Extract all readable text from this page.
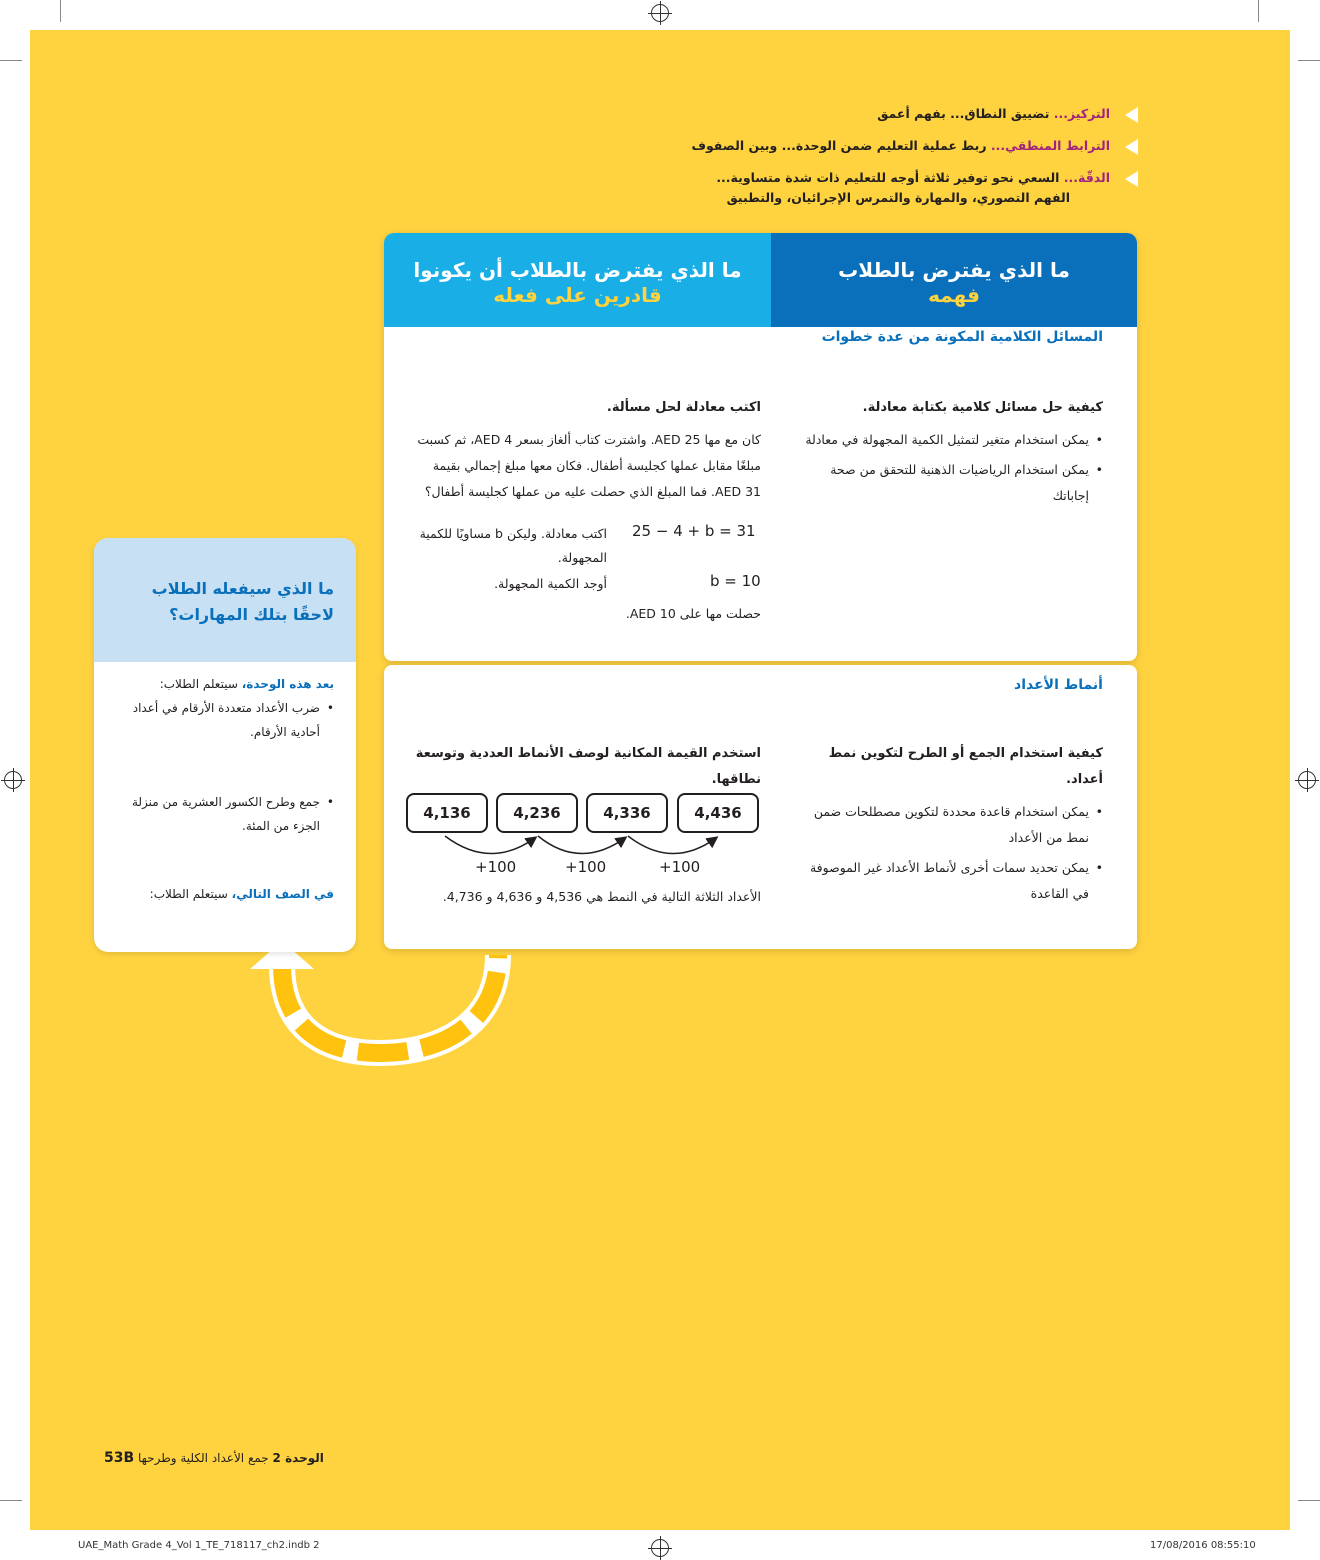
التركيز... تضييق النطاق... بفهم أعمق
الترابط المنطقي... ربط عملية التعليم ضمن الوحدة... وبين الصفوف
الدقّة... السعي نحو توفير ثلاثة أوجه للتعليم ذات شدة متساوية...
الفهم التصوري، والمهارة والتمرس الإجرائيان، والتطبيق
ما الذي يفترض بالطلاب
فهمه
ما الذي يفترض بالطلاب أن يكونوا
قادرين على فعله
المسائل الكلامية المكونة من عدة خطوات
كيفية حل مسائل كلامية بكتابة معادلة.
• يمكن استخدام متغير لتمثيل الكمية المجهولة في معادلة
• يمكن استخدام الرياضيات الذهنية للتحقق من صحة إجاباتك
اكتب معادلة لحل مسألة.
كان مع مها AED 25. واشترت كتاب ألغاز بسعر AED 4، ثم كسبت مبلغًا مقابل عملها كجليسة أطفال. فكان معها مبلغ إجمالي بقيمة AED 31. فما المبلغ الذي حصلت عليه من عملها كجليسة أطفال؟
اكتب معادلة. وليكن b مساويًا للكمية المجهولة.
25 − 4 + b = 31
أوجد الكمية المجهولة.	b = 10
حصلت مها على AED 10.
أنماط الأعداد
كيفية استخدام الجمع أو الطرح لتكوين نمط أعداد.
• يمكن استخدام قاعدة محددة لتكوين مصطلحات ضمن نمط من الأعداد
• يمكن تحديد سمات أخرى لأنماط الأعداد غير الموصوفة في القاعدة
استخدم القيمة المكانية لوصف الأنماط العددية وتوسعة نطاقها.
الأعداد الثلاثة التالية في النمط هي 4,536 و 4,636 و 4,736.
4,136	4,236	4,336	4,436
+100	+100	+100
ما الذي سيفعله الطلاب لاحقًا بتلك المهارات؟
بعد هذه الوحدة، سيتعلم الطلاب:
• ضرب الأعداد متعددة الأرقام في أعداد أحادية الأرقام.
• جمع وطرح الكسور العشرية من منزلة الجزء من المئة.
في الصف التالي، سيتعلم الطلاب:
الوحدة 2 جمع الأعداد الكلية وطرحها 53B
UAE_Math Grade 4_Vol 1_TE_718117_ch2.indb 2	17/08/2016 08:55:10
